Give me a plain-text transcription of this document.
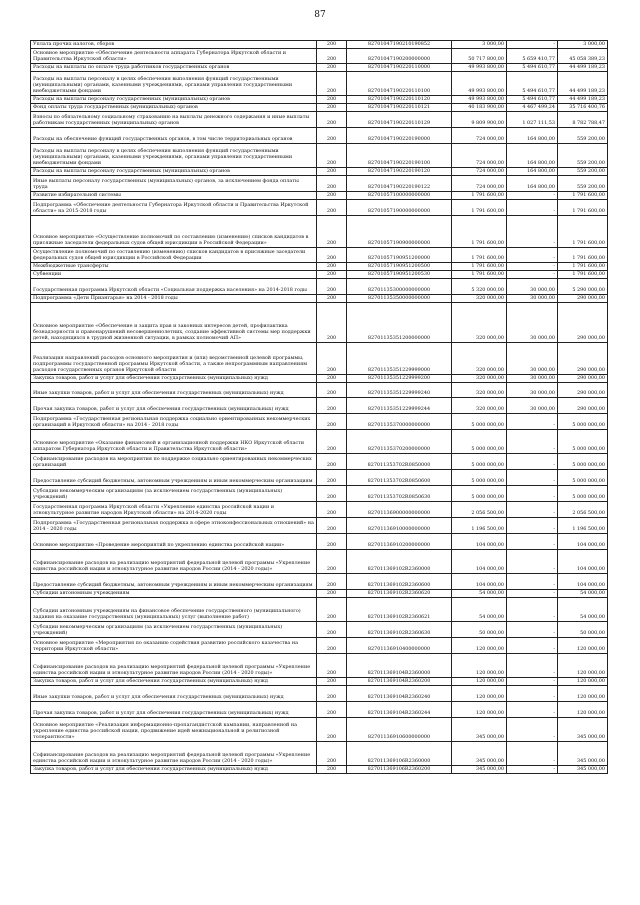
87
Уплата прочих налогов, сборов	200	82701047190210190852	3 000,00	-	3 000,00
Основное мероприятие «Обеспечение деятельности аппарата Губернатора Иркутской области и Правительства Иркутской области»	200	82701047190200000000	50 717 800,00	5 659 410,77	45 058 389,23
Расходы на выплаты по оплате труда работников государственных органов	200	82701047190220110000	49 993 800,00	5 494 610,77	44 499 189,23
Расходы на выплаты персоналу в целях обеспечения выполнения функций государственными (муниципальными) органами, казенными учреждениями, органами управления государственными внебюджетными фондами	200	82701047190220110100	49 993 800,00	5 494 610,77	44 499 189,23
Расходы на выплаты персоналу государственных (муниципальных) органов	200	82701047190220110120	49 993 800,00	5 494 610,77	44 499 189,23
Фонд оплаты труда государственных (муниципальных) органов	200	82701047190220110121	40 183 900,00	4 467 499,24	35 716 400,76
Взносы по обязательному социальному страхованию на выплаты денежного содержания и иные выплаты работникам государственных (муниципальных) органов	200	82701047190220110129	9 809 900,00	1 027 111,53	8 782 788,47
Расходы на обеспечение функций государственных органов, в том числе территориальных органов	200	82701047190220190000	724 000,00	164 800,00	559 200,00
Расходы на выплаты персоналу в целях обеспечения выполнения функций государственными (муниципальными) органами, казенными учреждениями, органами управления государственными внебюджетными фондами	200	82701047190220190100	724 000,00	164 800,00	559 200,00
Расходы на выплаты персоналу государственных (муниципальных) органов	200	82701047190220190120	724 000,00	164 800,00	559 200,00
Иные выплаты персоналу государственных (муниципальных) органов, за исключением фонда оплаты труда	200	82701047190220190122	724 000,00	164 800,00	559 200,00
Развитие избирательной системы	200	82701057100000000000	1 791 600,00	-	1 791 600,00
Подпрограмма «Обеспечение деятельности Губернатора Иркутской области и Правительства Иркутской области» на 2015-2018 годы	200	82701057190000000000	1 791 600,00	-	1 791 600,00
Основное мероприятие «Осуществление полномочий по составлению (изменению) списков кандидатов в присяжные заседатели федеральных судов общей юрисдикции в Российской Федерации»	200	82701057190900000000	1 791 600,00	-	1 791 600,00
Осуществление полномочий по составлению (изменению) списков кандидатов в присяжные заседатели федеральных судов общей юрисдикции в Российской Федерации	200	82701057190951200000	1 791 600,00	-	1 791 600,00
Межбюджетные трансферты	200	82701057190951200500	1 791 600,00	-	1 791 600,00
Субвенции	200	82701057190951200530	1 791 600,00	-	1 791 600,00
Государственная программа Иркутской области «Социальная поддержка населения» на 2014-2018 годы	200	82701135300000000000	5 320 000,00	30 000,00	5 290 000,00
Подпрограмма «Дети Приангарья» на 2014 - 2018 годы	200	82701135350000000000	320 000,00	30 000,00	290 000,00
Основное мероприятие «Обеспечение и защита прав и законных интересов детей, профилактика безнадзорности и правонарушений несовершеннолетних, создание эффективной системы мер поддержки детей, находящихся в трудной жизненной ситуации, в рамках полномочий АП»	200	82701135351200000000	320 000,00	30 000,00	290 000,00
Реализация направлений расходов основного мероприятия и (или) ведомственной целевой программы, подпрограммы государственной программы Иркутской области, а также непрограммным направлениям расходов государственных органов Иркутской области	200	82701135351229999000	320 000,00	30 000,00	290 000,00
Закупка товаров, работ и услуг для обеспечения государственных (муниципальных) нужд	200	82701135351229999200	320 000,00	30 000,00	290 000,00
Иные закупки товаров, работ и услуг для обеспечения государственных (муниципальных) нужд	200	82701135351229999240	320 000,00	30 000,00	290 000,00
Прочая закупка товаров, работ и услуг для обеспечения государственных (муниципальных) нужд	200	82701135351229999244	320 000,00	30 000,00	290 000,00
Подпрограмма «Государственная региональная поддержка социально ориентированных некоммерческих организаций в Иркутской области» на 2014 - 2018 годы	200	82701135370000000000	5 000 000,00	-	5 000 000,00
Основное мероприятие «Оказание финансовой и организационной поддержки НКО Иркутской области аппаратом Губернатора Иркутской области и Правительства Иркутской области»	200	82701135370200000000	5 000 000,00	-	5 000 000,00
Софинансирование расходов на мероприятия по поддержке социально ориентированных некоммерческих организаций	200	827011353702R0850000	5 000 000,00	-	5 000 000,00
Предоставление субсидий бюджетным, автономным учреждениям и иным некоммерческим организациям	200	827011353702R0850600	5 000 000,00	-	5 000 000,00
Субсидии некоммерческим организациям (за исключением государственных (муниципальных) учреждений)	200	827011353702R0850630	5 000 000,00	-	5 000 000,00
Государственная программа Иркутской области «Укрепление единства российской нации и этнокультурное развитие народов Иркутской области» на 2014-2020 годы	200	82701136900000000000	2 056 500,00	-	2 056 500,00
Подпрограмма «Государственная региональная поддержка в сфере этноконфессиональных отношений» на 2014 - 2020 годы	200	82701136910000000000	1 196 500,00	-	1 196 500,00
Основное мероприятие «Проведение мероприятий по укреплению единства российской нации»	200	82701136910200000000	104 000,00	-	104 000,00
Софинансирование расходов на реализацию мероприятий федеральной целевой программы «Укрепление единства российской нации и этнокультурное развитие народов России (2014 - 2020 годы)»	200	827011369102R2360000	104 000,00	-	104 000,00
Предоставление субсидий бюджетным, автономным учреждениям и иным некоммерческим организациям	200	827011369102R2360600	104 000,00	-	104 000,00
Субсидии автономным учреждениям	200	827011369102R2360620	54 000,00	-	54 000,00
Субсидии автономным учреждениям на финансовое обеспечение государственного (муниципального) задания на оказание государственных (муниципальных) услуг (выполнение работ)	200	827011369102R2360621	54 000,00	-	54 000,00
Субсидии некоммерческим организациям (за исключением государственных (муниципальных) учреждений)	200	827011369102R2360630	50 000,00	-	50 000,00
Основное мероприятие «Мероприятия по оказанию содействия развитию российского казачества на территории Иркутской области»	200	82701136910400000000	120 000,00	-	120 000,00
Софинансирование расходов на реализацию мероприятий федеральной целевой программы «Укрепление единства российской нации и этнокультурное развитие народов России (2014 - 2020 годы)»	200	827011369104R2360000	120 000,00	-	120 000,00
Закупка товаров, работ и услуг для обеспечения государственных (муниципальных) нужд	200	827011369104R2360200	120 000,00	-	120 000,00
Иные закупки товаров, работ и услуг для обеспечения государственных (муниципальных) нужд	200	827011369104R2360240	120 000,00	-	120 000,00
Прочая закупка товаров, работ и услуг для обеспечения государственных (муниципальных) нужд	200	827011369104R2360244	120 000,00	-	120 000,00
Основное мероприятие «Реализация информационно-пропагандистской кампании, направленной на укрепление единства российской нации, продвижение идей межнациональной и религиозной толерантности»	200	82701136910600000000	345 000,00	-	345 000,00
Софинансирование расходов на реализацию мероприятий федеральной целевой программы «Укрепление единства российской нации и этнокультурное развитие народов России (2014 - 2020 годы)»	200	827011369106R2360000	345 000,00	-	345 000,00
Закупка товаров, работ и услуг для обеспечения государственных (муниципальных) нужд	200	827011369106R2360200	345 000,00	-	345 000,00
